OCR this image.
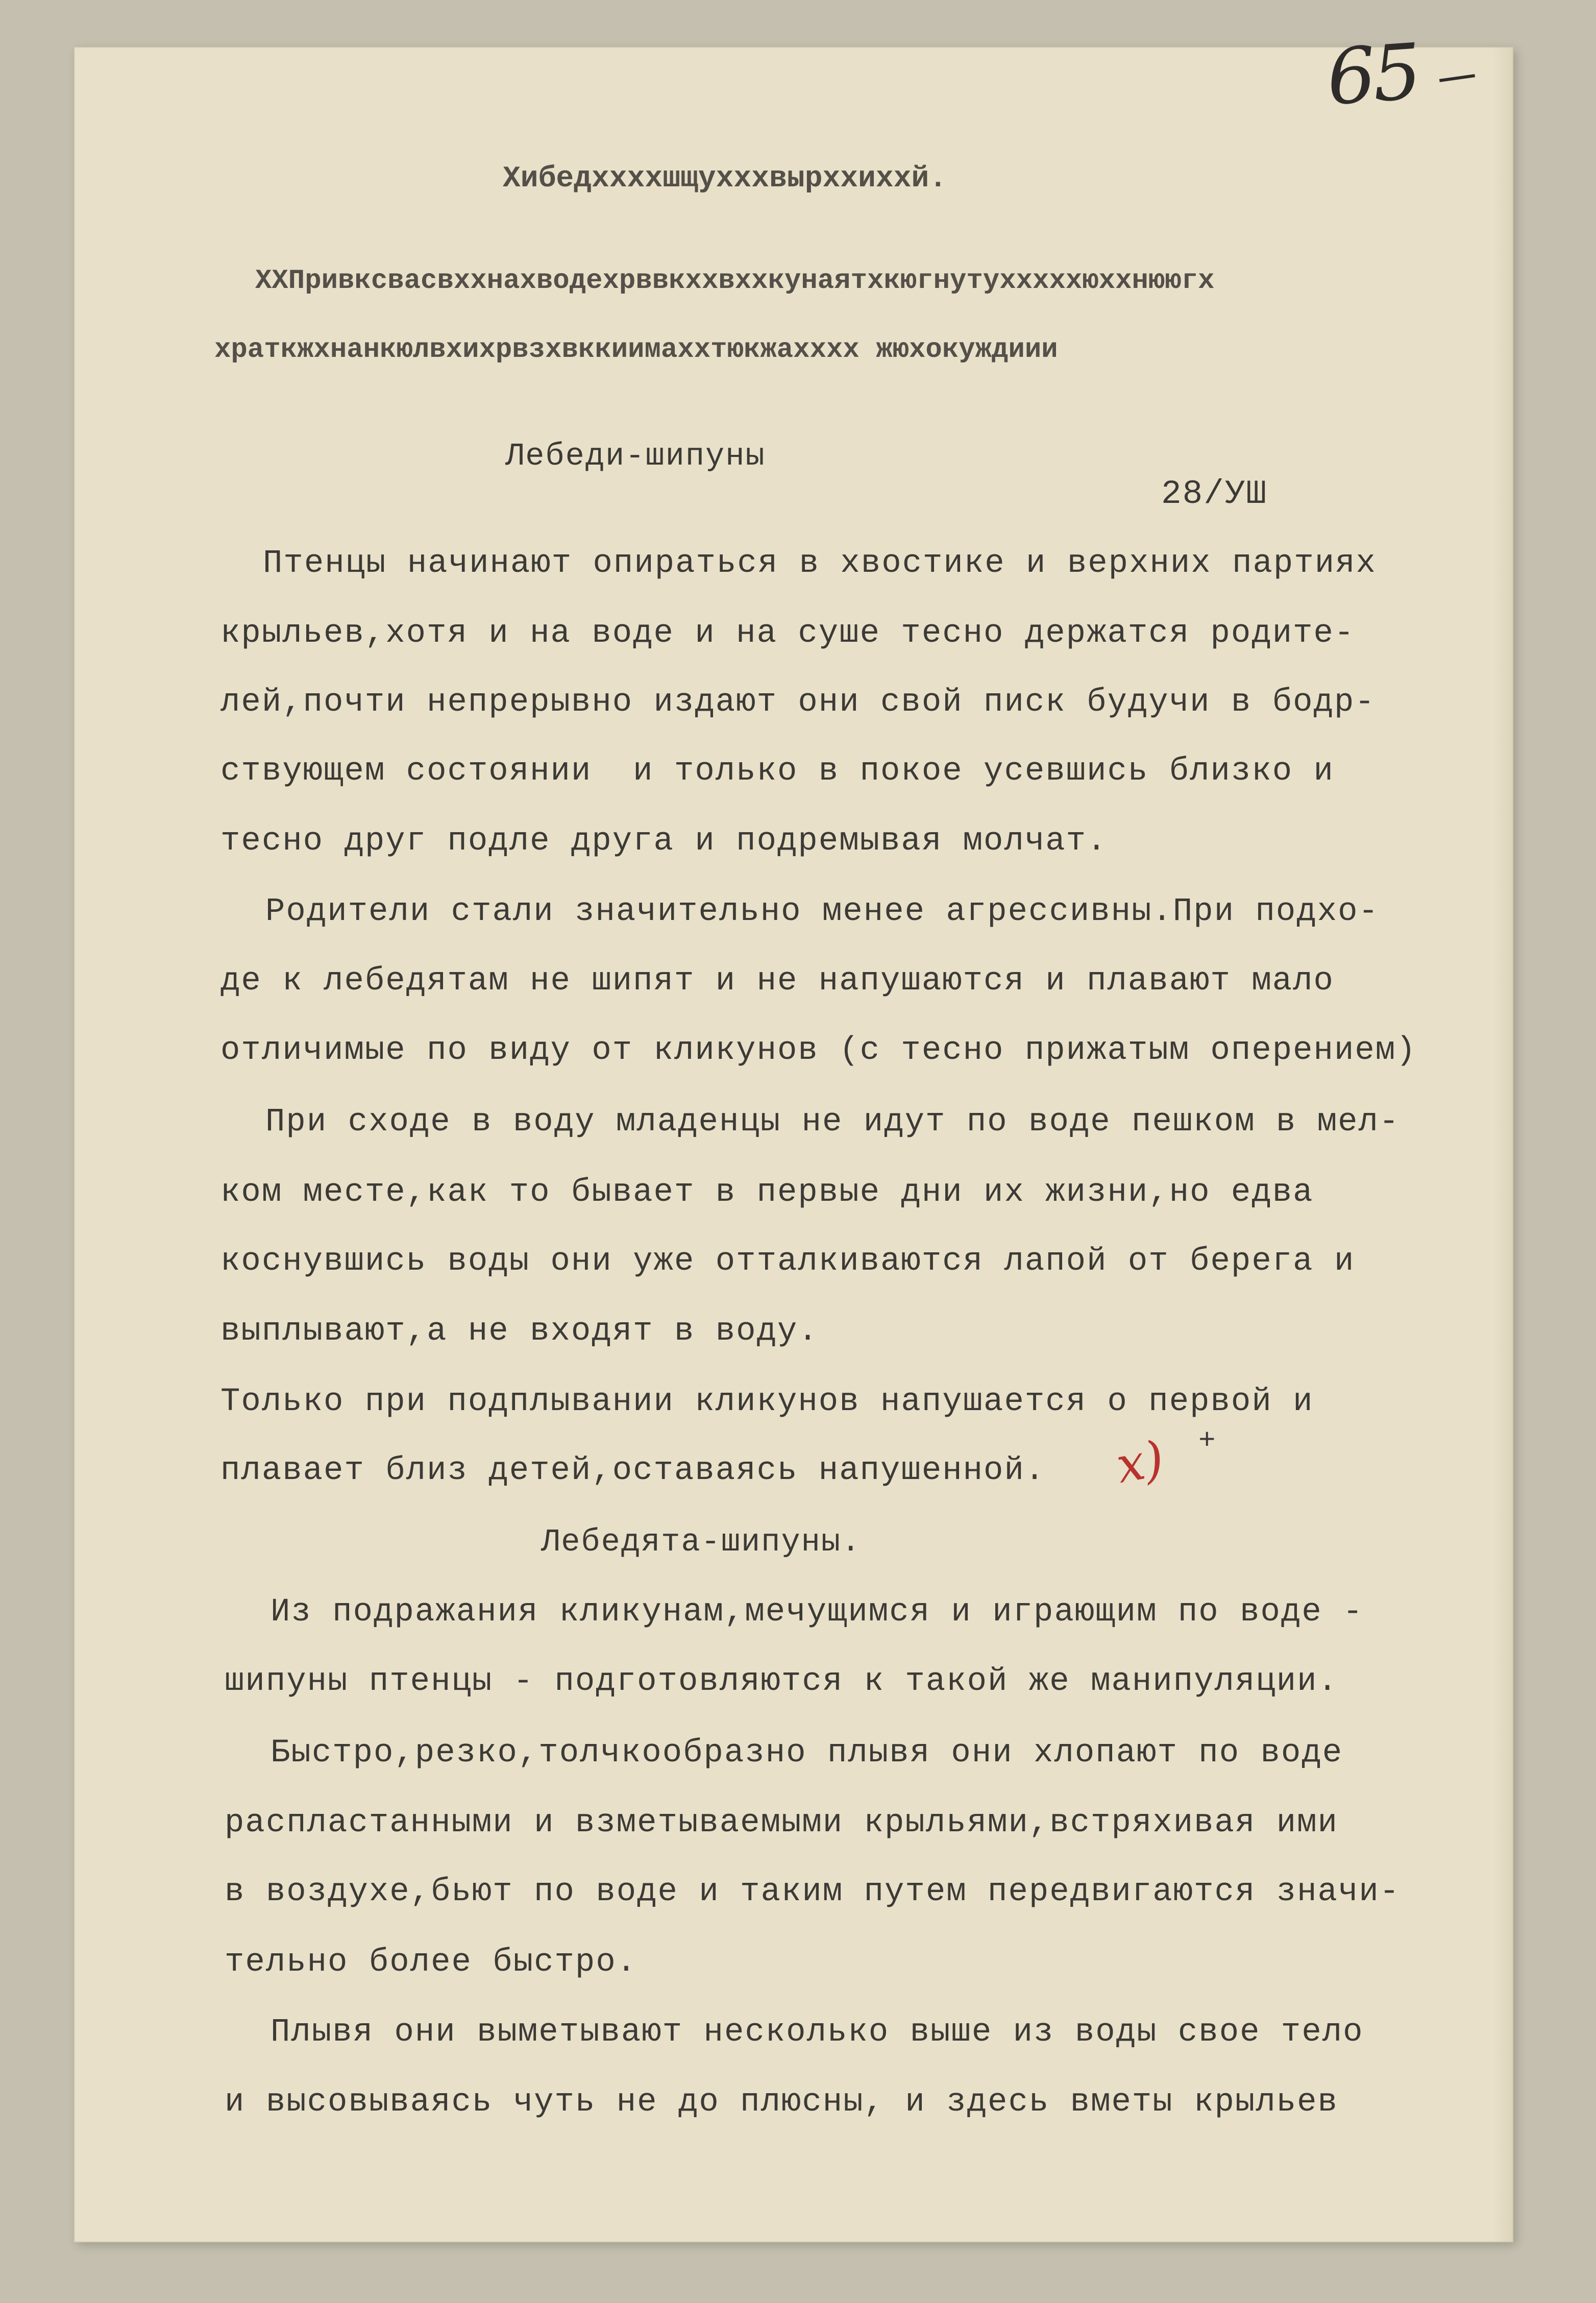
65
Хибедххххшщухххвырххиххй.
ХХПривксвасвххнахводехрввкххвххкунаятхкюгнутухххххюххнююгх
храткжхнанкюлвхихрвзхвккиимаххтюкжахххх жюхокуждиии
Лебеди-шипуны
28/УШ
Птенцы начинают опираться в хвостике и верхних партиях
крыльев,хотя и на воде и на суше тесно держатся родите-
лей,почти непрерывно издают они свой писк будучи в бодр-
ствующем состоянии  и только в покое усевшись близко и
тесно друг подле друга и подремывая молчат.
Родители стали значительно менее агрессивны.При подхо-
де к лебедятам не шипят и не напушаются и плавают мало
отличимые по виду от кликунов (с тесно прижатым оперением)
При сходе в воду младенцы не идут по воде пешком в мел-
ком месте,как то бывает в первые дни их жизни,но едва
коснувшись воды они уже отталкиваются лапой от берега и
выплывают,а не входят в воду.
Только при подплывании кликунов напушается о первой и
плавает близ детей,оставаясь напушенной.
+
х)
Лебедята-шипуны.
Из подражания кликунам,мечущимся и играющим по воде -
шипуны птенцы - подготовляются к такой же манипуляции.
Быстро,резко,толчкообразно плывя они хлопают по воде
распластанными и взметываемыми крыльями,встряхивая ими
в воздухе,бьют по воде и таким путем передвигаются значи-
тельно более быстро.
Плывя они выметывают несколько выше из воды свое тело
и высовываясь чуть не до плюсны, и здесь вметы крыльев
